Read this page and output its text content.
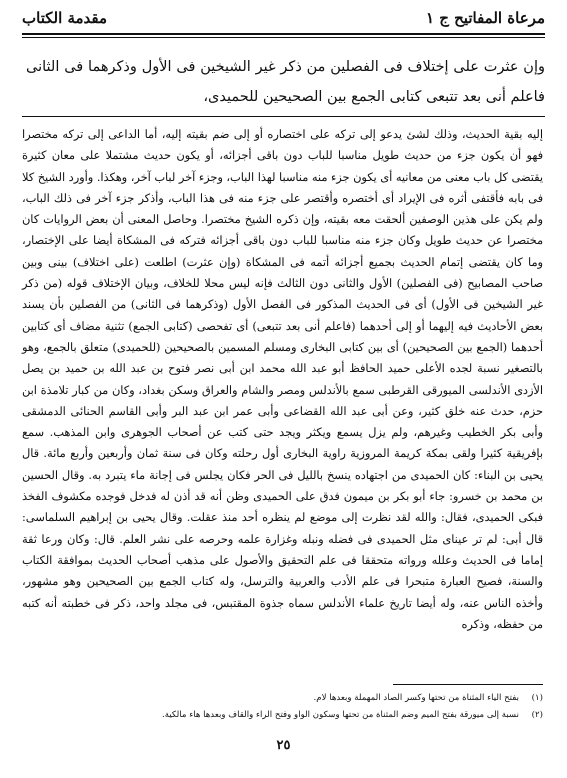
مرعاة المفاتيح ج ١
مقدمة الكتاب
وإن عثرت على إختلاف فى الفصلين من ذكر غير الشيخين فى الأول وذكرهما فى الثانى فاعلم أنى بعد تتبعى كتابى الجمع بين الصحيحين للحميدى،

إليه بقية الحديث، وذلك لشئ يدعو إلى تركه على اختصاره أو إلى ضم بقيته إليه، أما الداعى إلى تركه مختصرا فهو أن يكون جزء من حديث طويل مناسبا للباب دون باقى أجزائه، أو يكون حديث مشتملا على معان كثيرة يقتضى كل باب معنى من معانيه أى يكون جزء منه مناسبا لهذا الباب، وجزء آخر لباب آخر، وهكذا. وأورد الشيخ كلا فى بابه فأقتفى أثره فى الإيراد أى أختصره وأقتصر على جزء منه فى هذا الباب، وأذكر جزء آخر فى ذلك الباب، ولم يكن على هذين الوصفين ألحقت معه بقيته، وإن ذكره الشيخ مختصرا. وحاصل المعنى أن بعض الروايات كان مختصرا عن حديث طويل وكان جزء منه مناسبا للباب دون باقى أجزائه فتركه فى المشكاة أيضا على الإختصار، وما كان يقتضى إتمام الحديث بجميع أجزائه أتمه فى المشكاة (وإن عثرت) اطلعت (على اختلاف) بينى وبين صاحب المصابيح (فى الفصلين) الأول والثانى دون الثالث فإنه ليس محلا للخلاف، وبيان الإختلاف قوله (من ذكر غير الشيخين فى الأول) أى فى الحديث المذكور فى الفصل الأول (وذكرهما فى الثانى) من الفصلين بأن يسند بعض الأحاديث فيه إليهما أو إلى أحدهما (فاعلم أنى بعد تتبعى) أى تفحصى (كتابى الجمع) تثنية مضاف أى كتابين أحدهما (الجمع بين الصحيحين) أى بين كتابى البخارى ومسلم المسمين بالصحيحين (للحميدى) متعلق بالجمع، وهو بالتصغير نسبة لجده الأعلى حميد الحافظ أبو عبد الله محمد ابن أبى نصر فتوح بن عبد الله بن حميد بن يصل الأزدى الأندلسى الميورقى القرطبى سمع بالأندلس ومصر والشام والعراق وسكن بغداد، وكان من كبار تلامذة ابن حزم، حدث عنه خلق كثير، وعن أبى عبد الله القضاعى وأبى عمر ابن عبد البر وأبى القاسم الحنائى الدمشقى وأبى بكر الخطيب وغيرهم، ولم يزل يسمع ويكثر ويجد حتى كتب عن أصحاب الجوهرى وابن المذهب. سمع بإفريقية كثيرا ولقى بمكة كريمة المروزية راوية البخارى أول رحلته وكان فى سنة ثمان وأربعين وأربع مائة. قال يحيى بن البناء: كان الحميدى من اجتهاده ينسخ بالليل فى الحر فكان يجلس فى إجانة ماء يتبرد به. وقال الحسين بن محمد بن خسرو: جاء أبو بكر بن ميمون فدق على الحميدى وظن أنه قد أذن له فدخل فوجده مكشوف الفخذ فبكى الحميدى، فقال: والله لقد نظرت إلى موضع لم ينظره أحد منذ عقلت. وقال يحيى بن إبراهيم السلماسى: قال أبى: لم تر عيناى مثل الحميدى فى فضله ونبله وغزارة علمه وحرصه على نشر العلم. قال: وكان ورعا ثقة إماما فى الحديث وعلله ورواته متحققا فى علم التحقيق والأصول على مذهب أصحاب الحديث بموافقة الكتاب والسنة، فصيح العبارة متبحرا فى علم الأدب والعربية والترسل، وله كتاب الجمع بين الصحيحين وهو مشهور، وأخذه الناس عنه، وله أيضا تاريخ علماء الأندلس سماه جذوة المقتبس، فى مجلد واحد، ذكر فى خطبته أنه كتبه من حفظه، وذكره

(١)
بفتح الياء المثناة من تحتها وكسر الصاد المهملة وبعدها لام.
(٢)
نسبة إلى ميورقة بفتح الميم وضم المثناة من تحتها وسكون الواو وفتح الراء والقاف وبعدها هاء مالكية.
٢٥
